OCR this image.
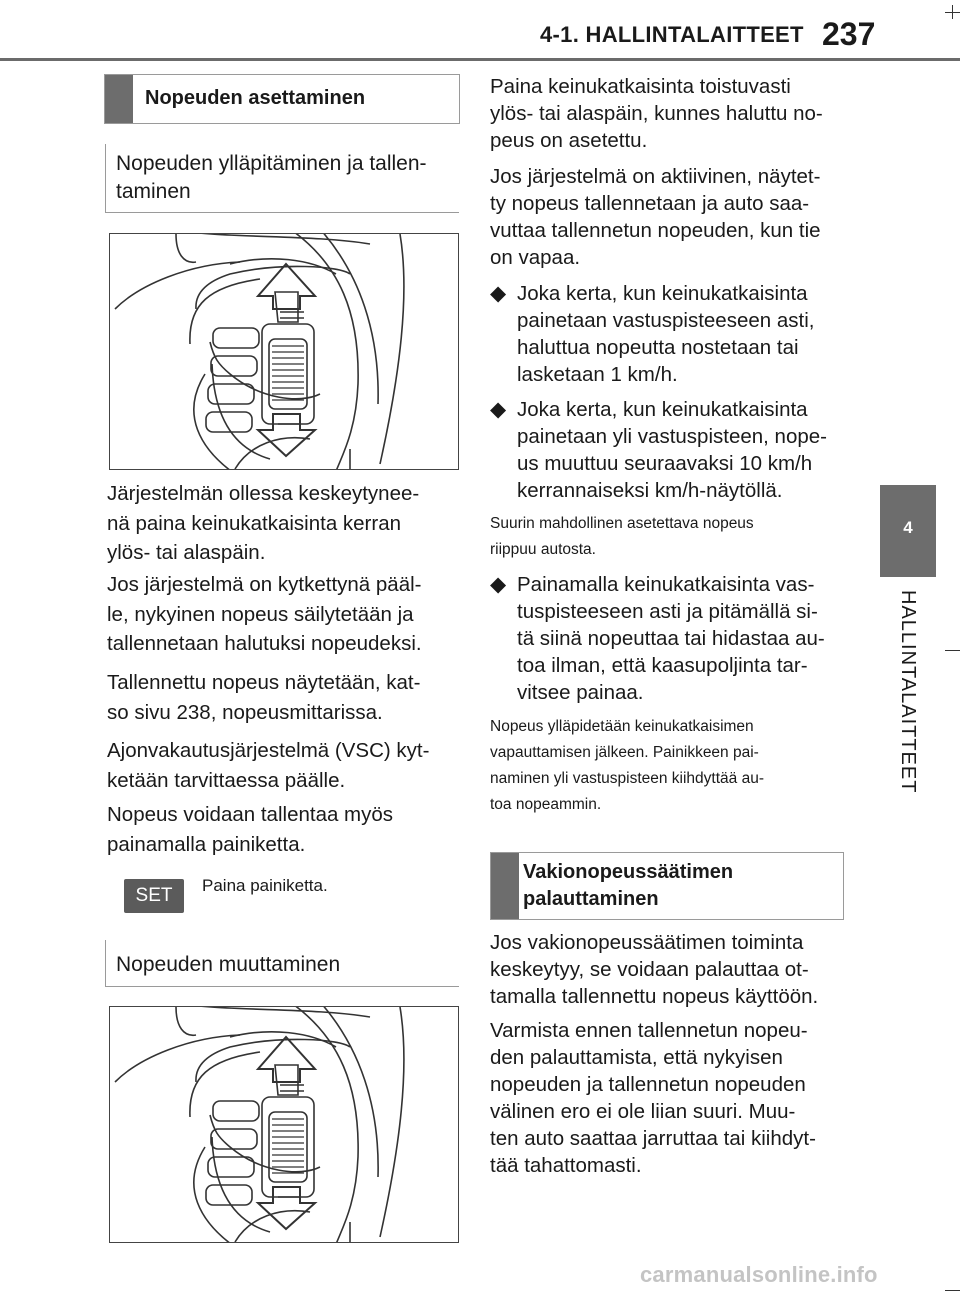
4-1. HALLINTALAITTEET 237
4
HALLINTALAITTEET
Nopeuden asettaminen
Nopeuden ylläpitäminen ja tallen-
taminen
Järjestelmän ollessa keskeytynee-
nä paina keinukatkaisinta kerran
ylös- tai alaspäin.
Jos järjestelmä on kytkettynä pääl-
le, nykyinen nopeus säilytetään ja
tallennetaan halutuksi nopeudeksi.
Tallennettu nopeus näytetään, kat-
so sivu 238, nopeusmittarissa.
Ajonvakautusjärjestelmä (VSC) kyt-
ketään tarvittaessa päälle.
Nopeus voidaan tallentaa myös
painamalla painiketta.
SET	Paina painiketta.
Nopeuden muuttaminen
Paina keinukatkaisinta toistuvasti
ylös- tai alaspäin, kunnes haluttu no-
peus on asetettu.
Jos järjestelmä on aktiivinen, näytet-
ty nopeus tallennetaan ja auto saa-
vuttaa tallennetun nopeuden, kun tie
on vapaa.
◆ Joka kerta, kun keinukatkaisinta
painetaan vastuspisteeseen asti,
haluttua nopeutta nostetaan tai
lasketaan 1 km/h.
◆ Joka kerta, kun keinukatkaisinta
painetaan yli vastuspisteen, nope-
us muuttuu seuraavaksi 10 km/h
kerrannaiseksi km/h-näytöllä.
Suurin mahdollinen asetettava nopeus
riippuu autosta.
◆ Painamalla keinukatkaisinta vas-
tuspisteeseen asti ja pitämällä si-
tä siinä nopeuttaa tai hidastaa au-
toa ilman, että kaasupoljinta tar-
vitsee painaa.
Nopeus ylläpidetään keinukatkaisimen
vapauttamisen jälkeen. Painikkeen pai-
naminen yli vastuspisteen kiihdyttää au-
toa nopeammin.
Vakionopeussäätimen
palauttaminen
Jos vakionopeussäätimen toiminta
keskeytyy, se voidaan palauttaa ot-
tamalla tallennettu nopeus käyttöön.
Varmista ennen tallennetun nopeu-
den palauttamista, että nykyisen
nopeuden ja tallennetun nopeuden
välinen ero ei ole liian suuri. Muu-
ten auto saattaa jarruttaa tai kiihdyt-
tää tahattomasti.
carmanualsonline.info
